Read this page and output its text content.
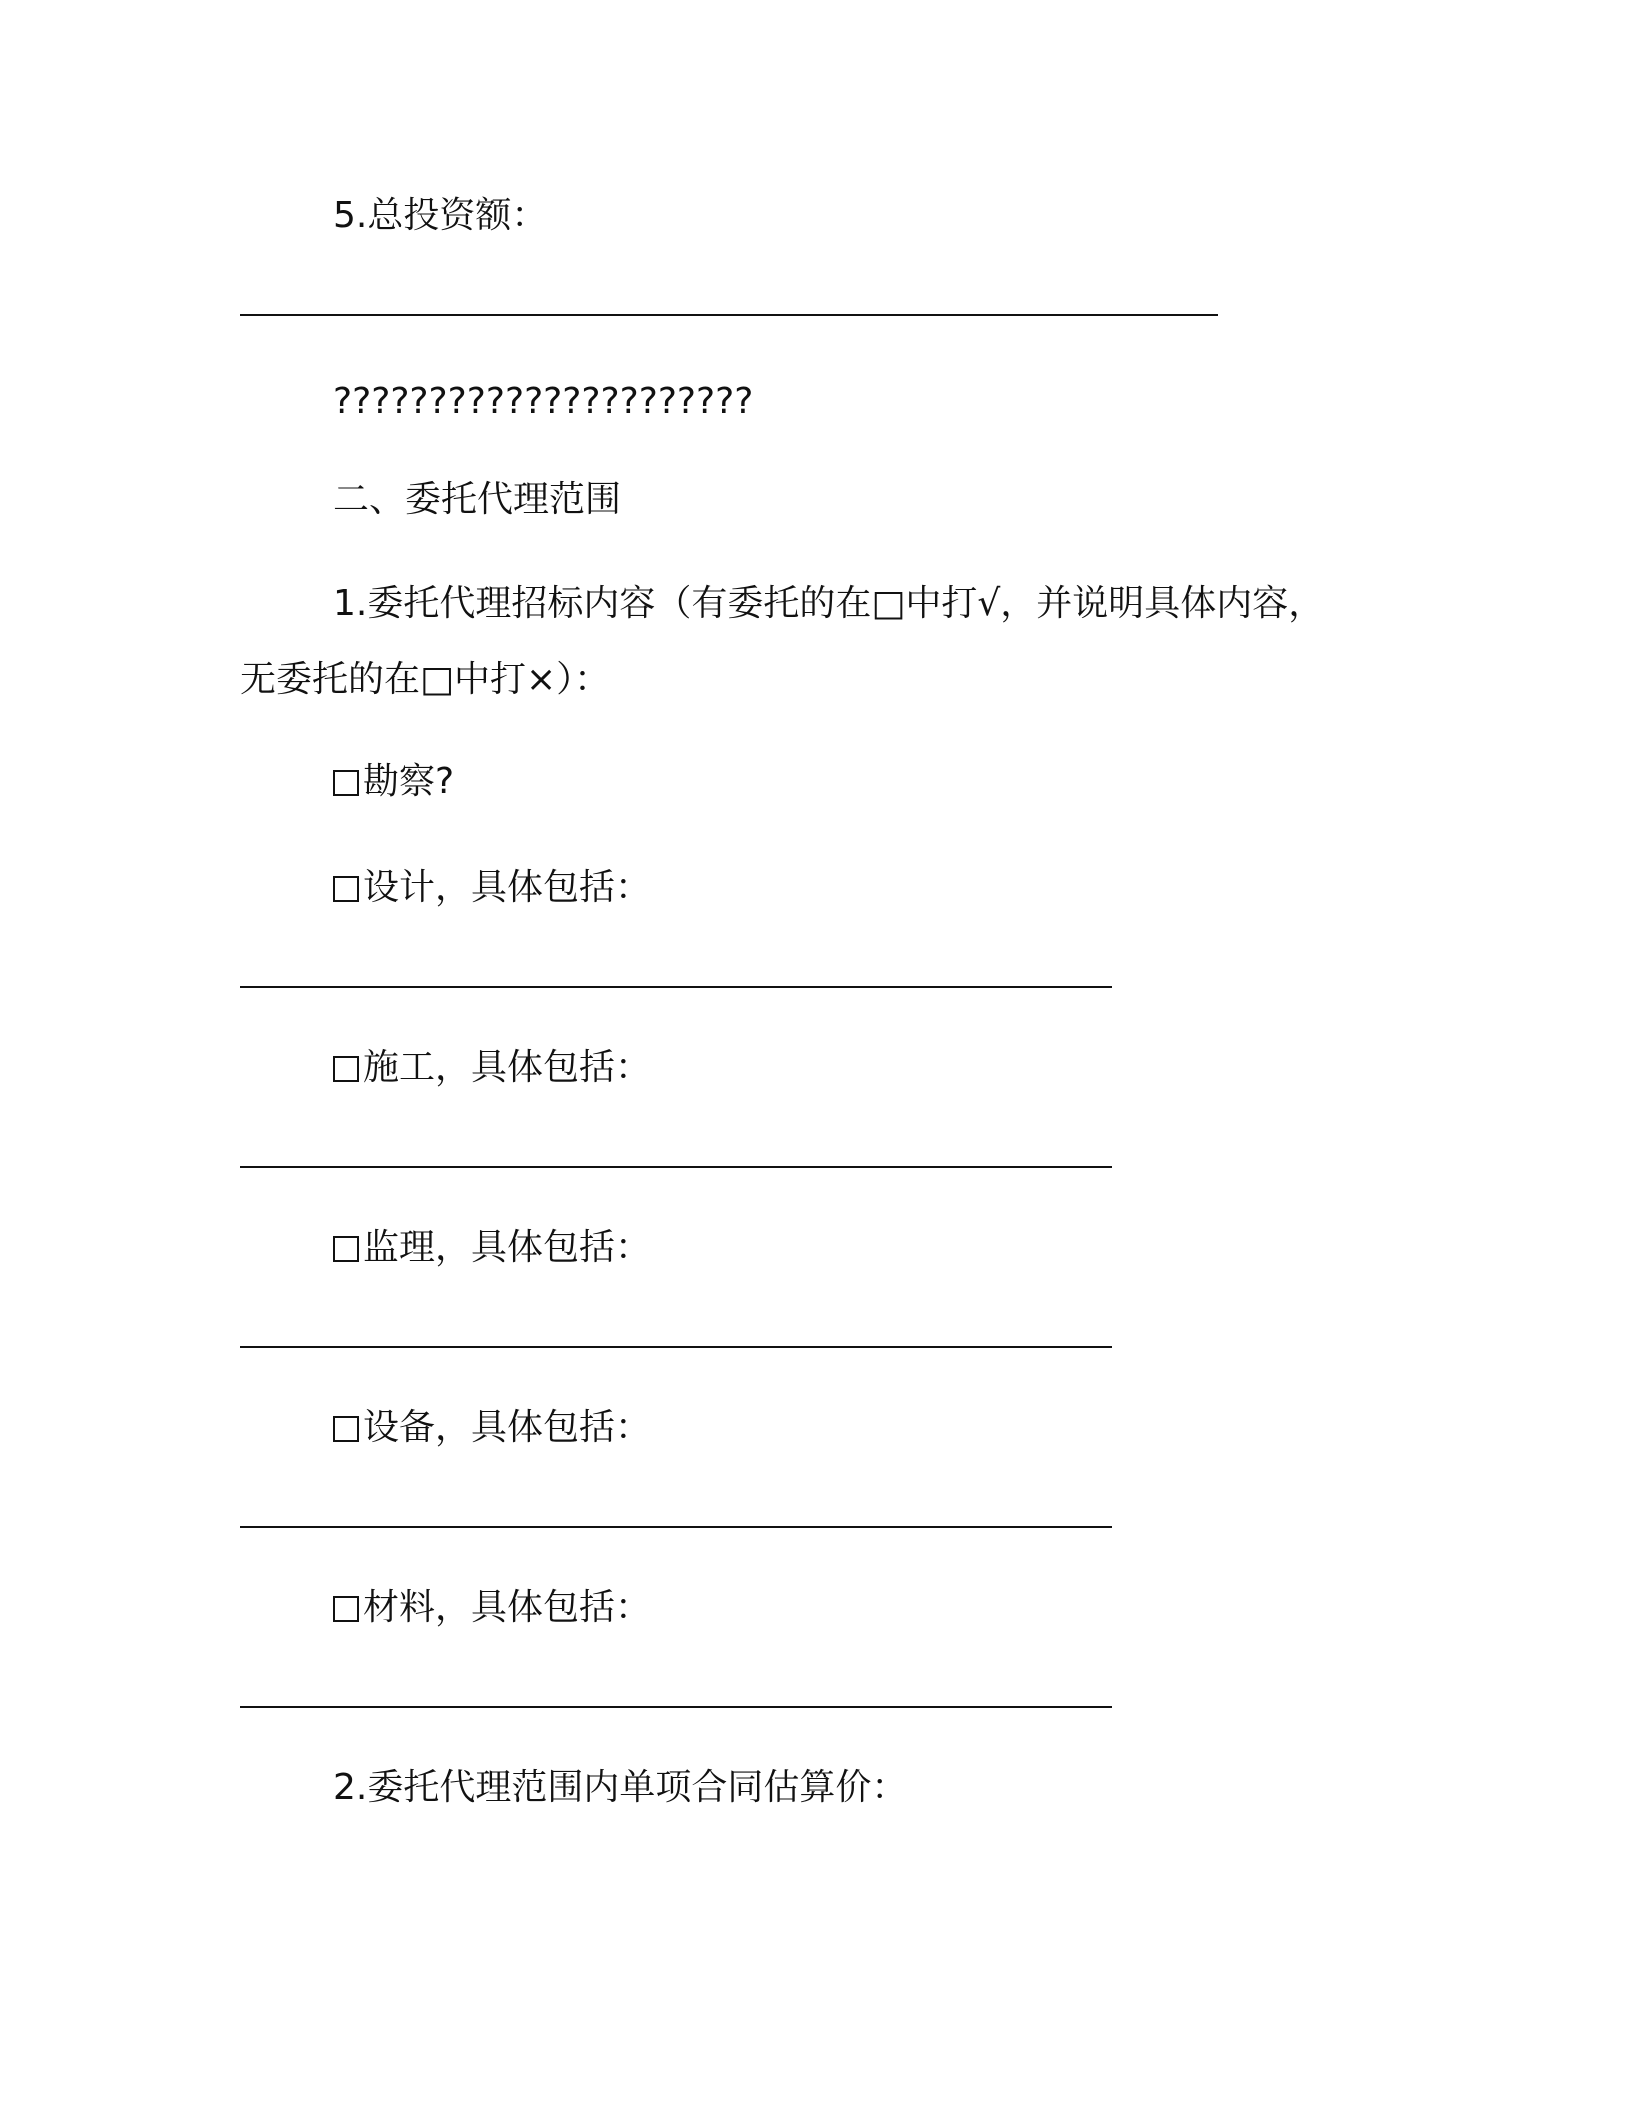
5.总投资额：

??????????????????????

二、委托代理范围

1.委托代理招标内容（有委托的在□中打√，并说明具体内容，

无委托的在□中打×）：

勘察?
设计，具体包括：
施工，具体包括：
监理，具体包括：
设备，具体包括：
材料，具体包括：

2.委托代理范围内单项合同估算价：
